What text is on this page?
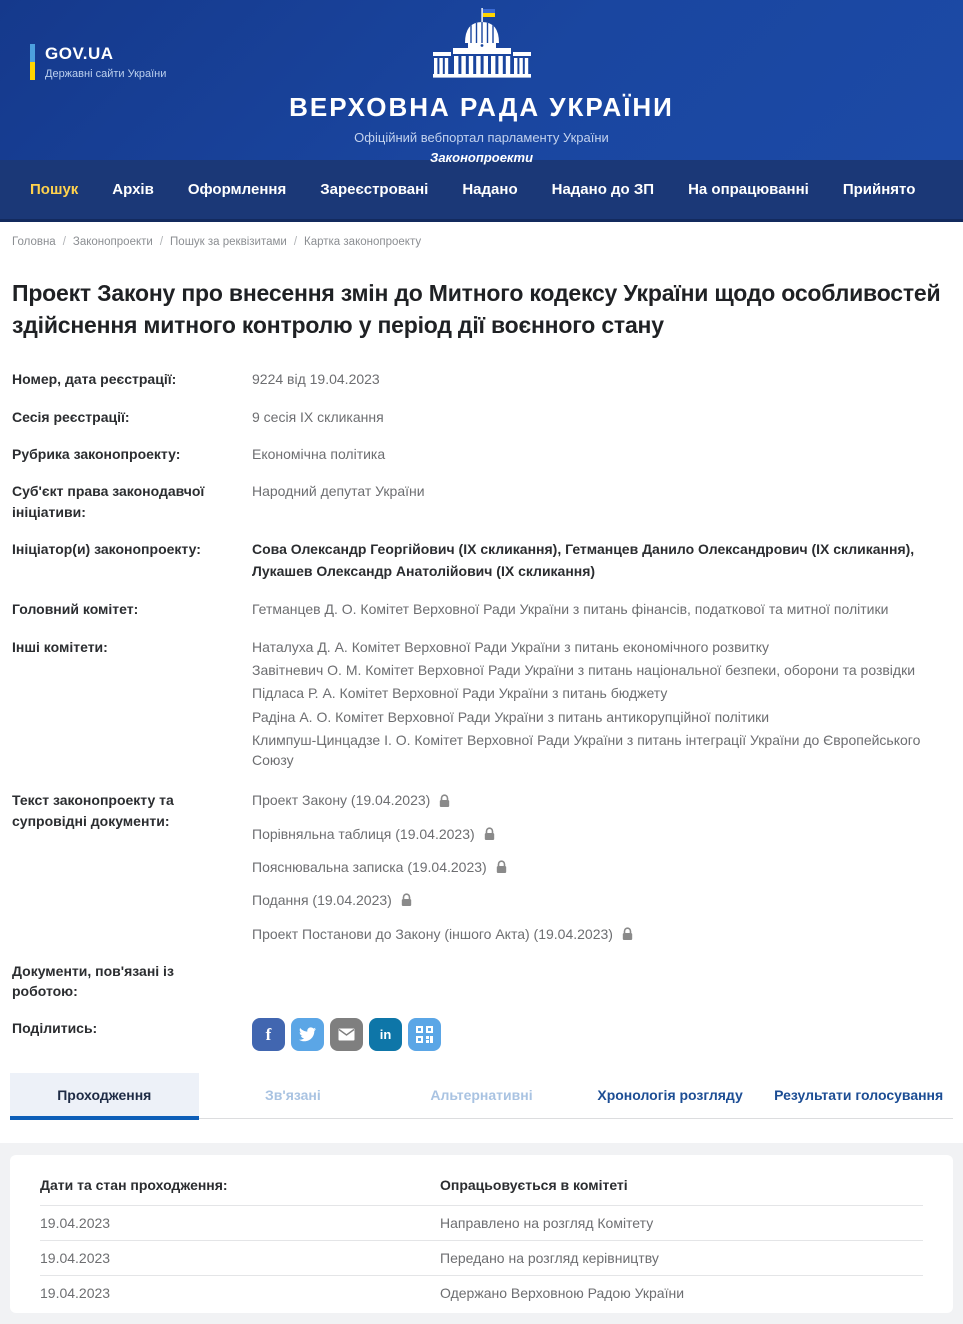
GOV.UA
Державні сайти України
ВЕРХОВНА РАДА УКРАЇНИ
Офіційний вебпортал парламенту України
Законопроекти
Пошук Архів Оформлення Зареєстровані Надано Надано до ЗП На опрацюванні Прийнято
Головна / Законопроекти / Пошук за реквізитами / Картка законопроекту
Проект Закону про внесення змін до Митного кодексу України щодо особливостей здійснення митного контролю у період дії воєнного стану
Номер, дата реєстрації:	9224 від 19.04.2023
Сесія реєстрації:	9 сесія IX скликання
Рубрика законопроекту:	Економічна політика
Суб'єкт права законодавчої ініціативи:
Народний депутат України
Ініціатор(и) законопроекту:	Сова Олександр Георгійович (IX скликання), Гетманцев Данило Олександрович (IX скликання), Лукашев Олександр Анатолійович (IX скликання)
Головний комітет:	Гетманцев Д. О. Комітет Верховної Ради України з питань фінансів, податкової та митної політики
Інші комітети:	Наталуха Д. А. Комітет Верховної Ради України з питань економічного розвитку
Завітневич О. М. Комітет Верховної Ради України з питань національної безпеки, оборони та розвідки
Підласа Р. А. Комітет Верховної Ради України з питань бюджету
Радіна А. О. Комітет Верховної Ради України з питань антикорупційної політики
Климпуш-Цинцадзе І. О. Комітет Верховної Ради України з питань інтеграції України до Європейського Союзу
Текст законопроекту та супровідні документи:
Проект Закону (19.04.2023)
Порівняльна таблиця (19.04.2023)
Пояснювальна записка (19.04.2023)
Подання (19.04.2023)
Проект Постанови до Закону (іншого Акта) (19.04.2023)
Документи, пов'язані із роботою:
Поділитись:	f	in
Проходження	Зв'язані	Альтернативні	Хронологія розгляду	Результати голосування
Дати та стан проходження:	Опрацьовується в комітеті
19.04.2023	Направлено на розгляд Комітету
19.04.2023	Передано на розгляд керівництву
19.04.2023	Одержано Верховною Радою України
